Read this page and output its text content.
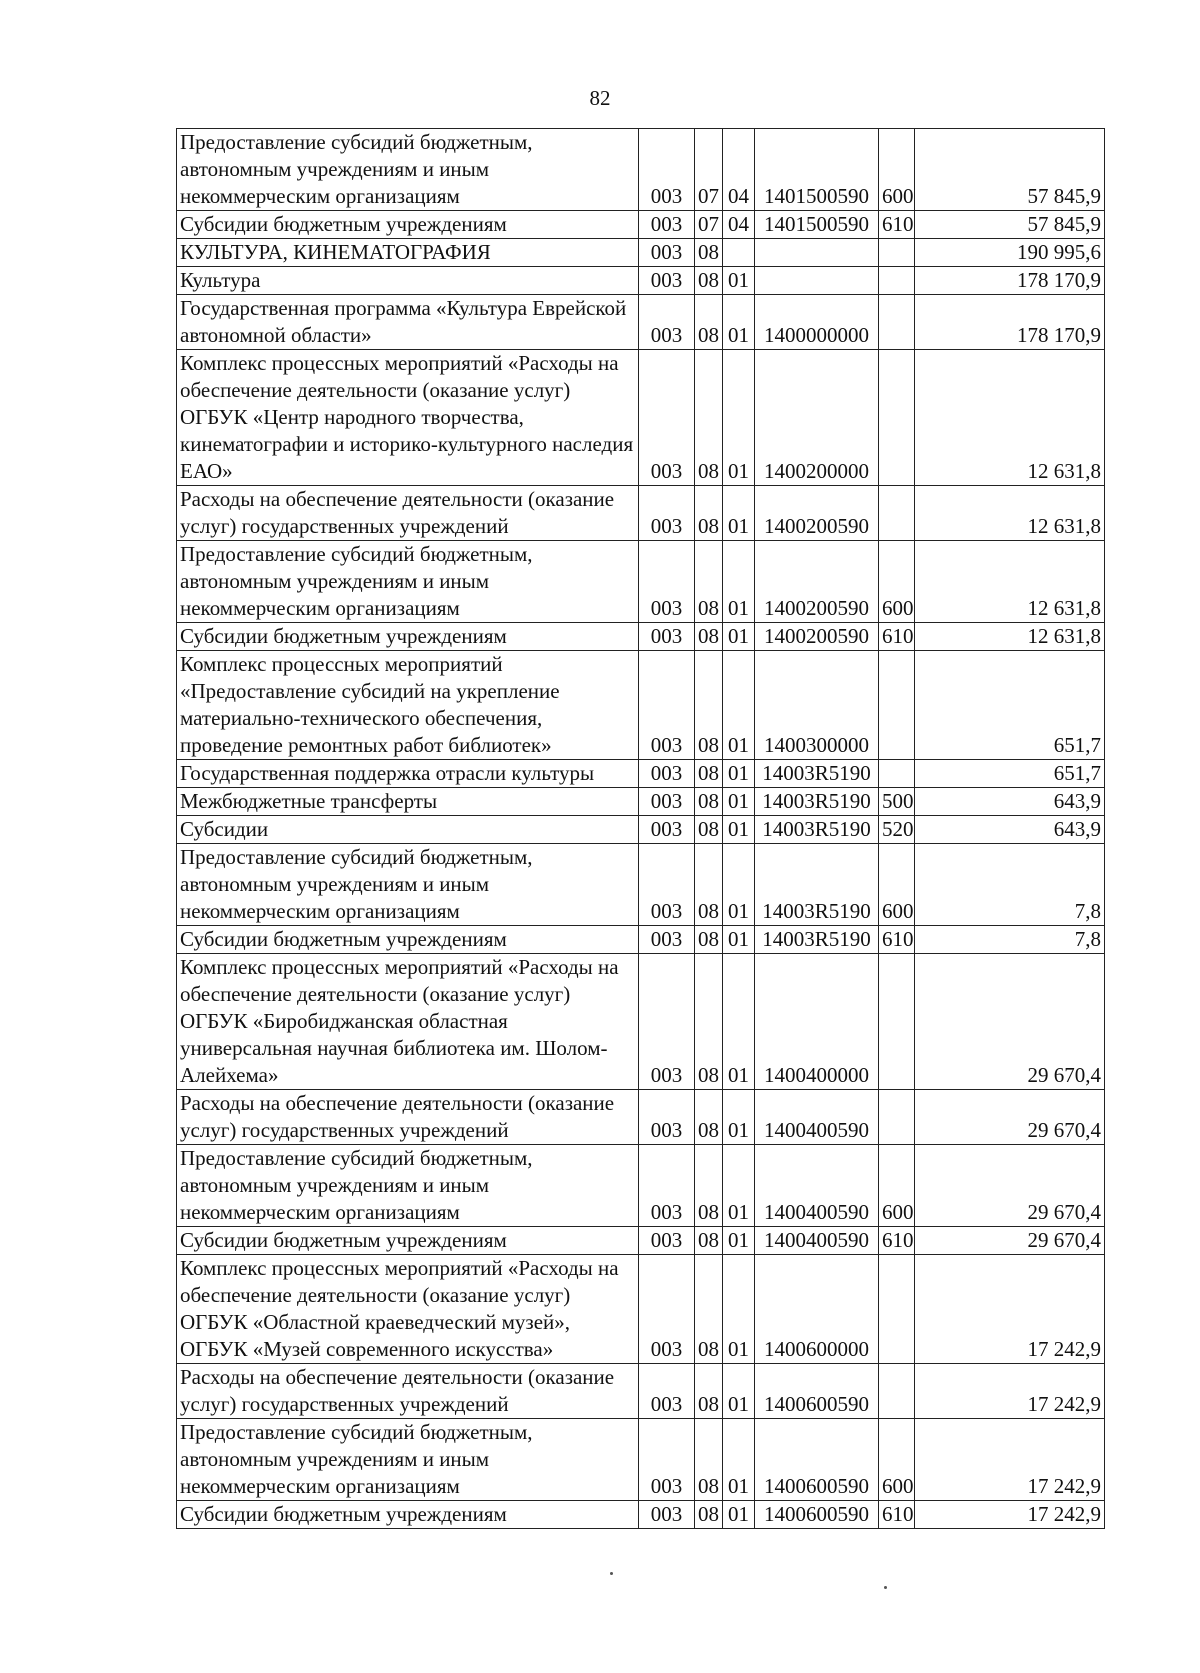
82
Предоставление субсидий бюджетным, автономным учреждениям и иным некоммерческим организациям	003	07	04	1401500590	600	57 845,9
Субсидии бюджетным учреждениям	003	07	04	1401500590	610	57 845,9
КУЛЬТУРА, КИНЕМАТОГРАФИЯ	003	08				190 995,6
Культура	003	08	01			178 170,9
Государственная программа «Культура Еврейской автономной области»	003	08	01	1400000000		178 170,9
Комплекс процессных мероприятий «Расходы на обеспечение деятельности (оказание услуг) ОГБУК «Центр народного творчества, кинематографии и историко-культурного наследия ЕАО»	003	08	01	1400200000		12 631,8
Расходы на обеспечение деятельности (оказание услуг) государственных учреждений	003	08	01	1400200590		12 631,8
Предоставление субсидий бюджетным, автономным учреждениям и иным некоммерческим организациям	003	08	01	1400200590	600	12 631,8
Субсидии бюджетным учреждениям	003	08	01	1400200590	610	12 631,8
Комплекс процессных мероприятий «Предоставление субсидий на укрепление материально-технического обеспечения, проведение ремонтных работ библиотек»	003	08	01	1400300000		651,7
Государственная поддержка отрасли культуры	003	08	01	14003R5190		651,7
Межбюджетные трансферты	003	08	01	14003R5190	500	643,9
Субсидии	003	08	01	14003R5190	520	643,9
Предоставление субсидий бюджетным, автономным учреждениям и иным некоммерческим организациям	003	08	01	14003R5190	600	7,8
Субсидии бюджетным учреждениям	003	08	01	14003R5190	610	7,8
Комплекс процессных мероприятий «Расходы на обеспечение деятельности (оказание услуг) ОГБУК «Биробиджанская областная универсальная научная библиотека им. Шолом-Алейхема»	003	08	01	1400400000		29 670,4
Расходы на обеспечение деятельности (оказание услуг) государственных учреждений	003	08	01	1400400590		29 670,4
Предоставление субсидий бюджетным, автономным учреждениям и иным некоммерческим организациям	003	08	01	1400400590	600	29 670,4
Субсидии бюджетным учреждениям	003	08	01	1400400590	610	29 670,4
Комплекс процессных мероприятий «Расходы на обеспечение деятельности (оказание услуг) ОГБУК «Областной краеведческий музей», ОГБУК «Музей современного искусства»	003	08	01	1400600000		17 242,9
Расходы на обеспечение деятельности (оказание услуг) государственных учреждений	003	08	01	1400600590		17 242,9
Предоставление субсидий бюджетным, автономным учреждениям и иным некоммерческим организациям	003	08	01	1400600590	600	17 242,9
Субсидии бюджетным учреждениям	003	08	01	1400600590	610	17 242,9
